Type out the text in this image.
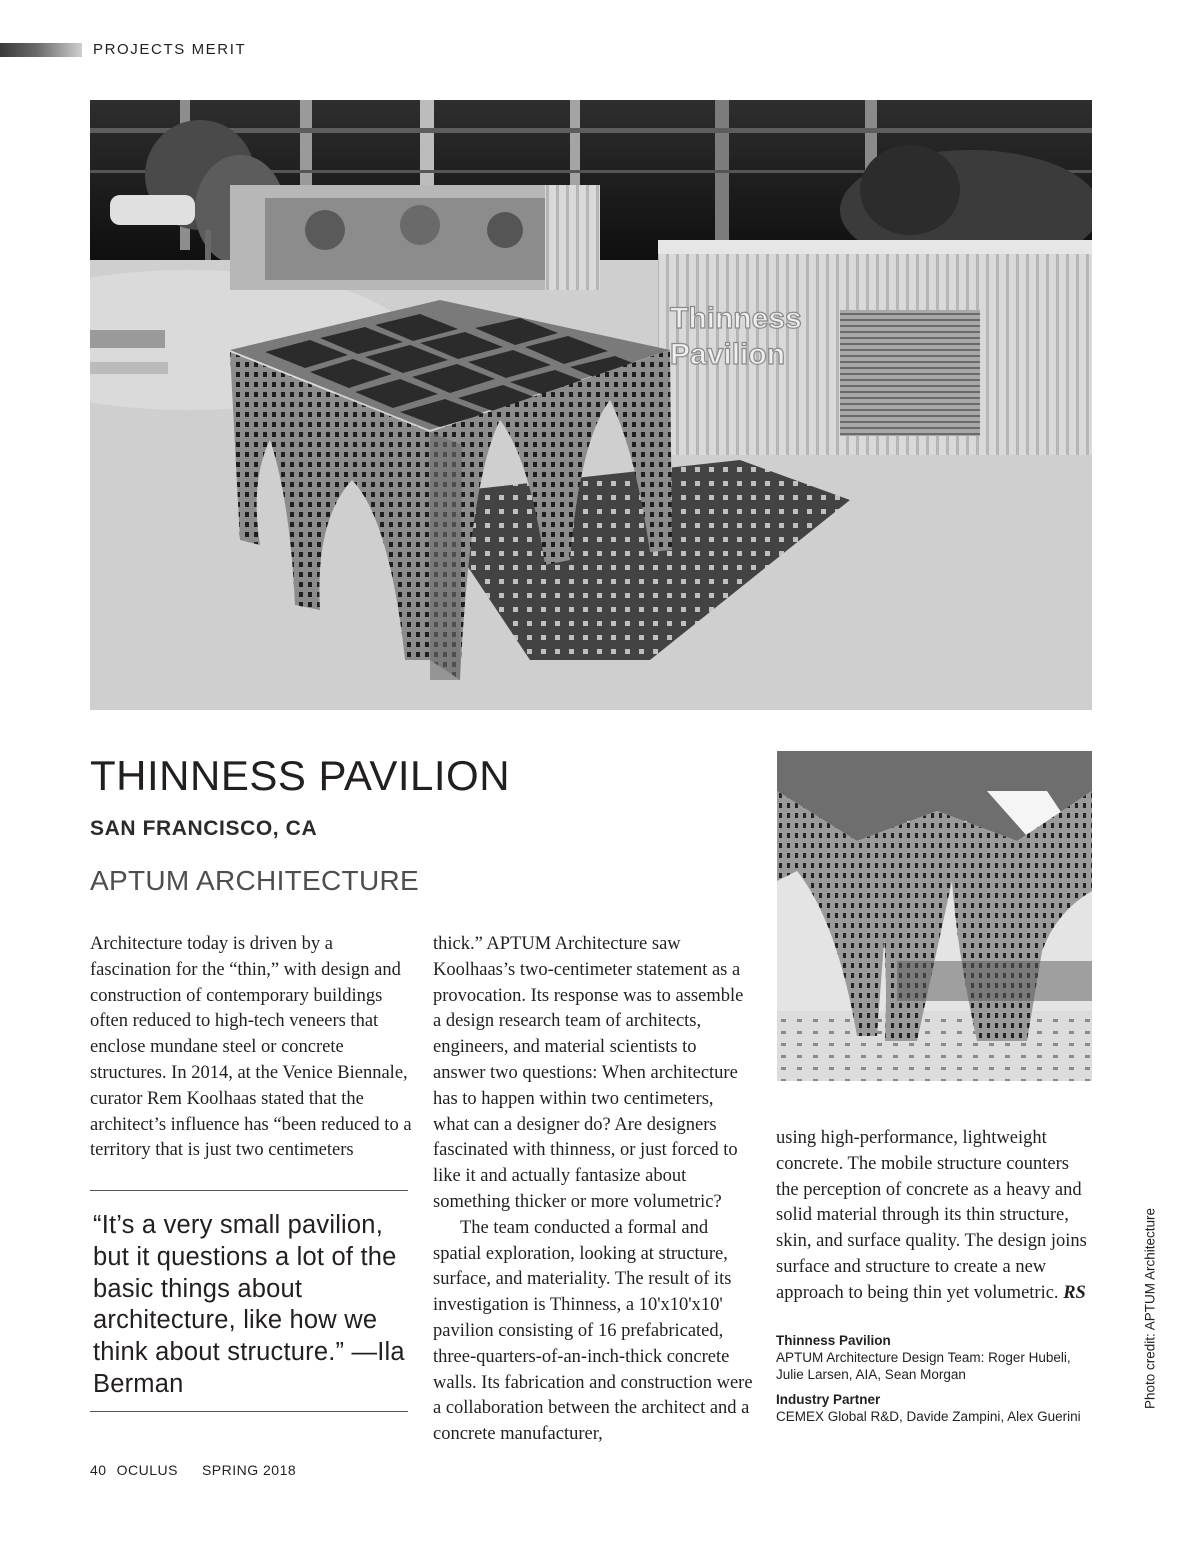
PROJECTS MERIT
Thinness
Pavilion
THINNESS PAVILION
SAN FRANCISCO, CA
APTUM ARCHITECTURE

Architecture today is driven by a fascination for the “thin,” with design and construction of contemporary buildings often reduced to high-tech veneers that enclose mundane steel or concrete structures. In 2014, at the Venice Biennale, curator Rem Koolhaas stated that the architect’s influence has “been reduced to a territory that is just two centimeters

thick.” APTUM Architecture saw Koolhaas’s two-centimeter statement as a provocation. Its response was to assemble a design research team of architects, engineers, and material scientists to answer two questions: When architecture has to happen within two centimeters, what can a designer do? Are designers fascinated with thinness, or just forced to like it and actually fantasize about something thicker or more volumetric?

The team conducted a formal and spatial exploration, looking at structure, surface, and materiality. The result of its investigation is Thinness, a 10'x10'x10' pavilion consisting of 16 prefabricated, three-quarters-of-an-inch-thick concrete walls. Its fabrication and construction were a collaboration between the architect and a concrete manufacturer,

using high-performance, lightweight concrete. The mobile structure counters the perception of concrete as a heavy and solid material through its thin structure, skin, and surface quality. The design joins surface and structure to create a new approach to being thin yet volumetric. RS

“It’s a very small pavilion, but it questions a lot of the basic things about architecture, like how we think about structure.” —Ila Berman
Thinness Pavilion
APTUM Architecture Design Team: Roger Hubeli, Julie Larsen, AIA, Sean Morgan
Industry Partner
CEMEX Global R&D, Davide Zampini, Alex Guerini
Photo credit: APTUM Architecture
40 OCULUS SPRING 2018
